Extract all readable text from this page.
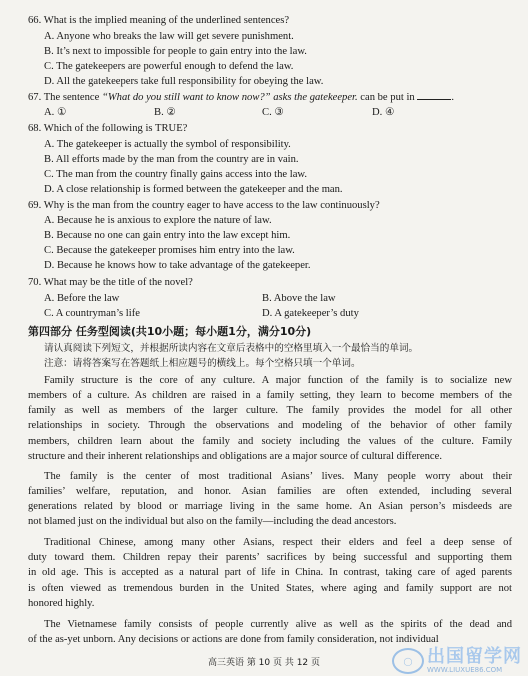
66. What is the implied meaning of the underlined sentences?
A. Anyone who breaks the law will get severe punishment.
B. It’s next to impossible for people to gain entry into the law.
C. The gatekeepers are powerful enough to defend the law.
D. All the gatekeepers take full responsibility for obeying the law.
67. The sentence “What do you still want to know now?” asks the gatekeeper. can be put in	.
A. ①	B. ②	C. ③	D. ④
68. Which of the following is TRUE?
A. The gatekeeper is actually the symbol of responsibility.
B. All efforts made by the man from the country are in vain.
C. The man from the country finally gains access into the law.
D. A close relationship is formed between the gatekeeper and the man.
69. Why is the man from the country eager to have access to the law continuously?
A. Because he is anxious to explore the nature of law.
B. Because no one can gain entry into the law except him.
C. Because the gatekeeper promises him entry into the law.
D. Because he knows how to take advantage of the gatekeeper.
70. What may be the title of the novel?
A. Before the law	B. Above the law
C. A countryman’s life	D. A gatekeeper’s duty
第四部分 任务型阅读(共10小题；每小题1分，满分10分)
请认真阅读下列短文，并根据所读内容在文章后表格中的空格里填入一个最恰当的单词。
注意：请将答案写在答题纸上相应题号的横线上。每个空格只填一个单词。
Family structure is the core of any culture. A major function of the family is to socialize new
members of a culture. As children are raised in a family setting, they learn to become members of the
family as well as members of the larger culture. The family provides the model for all other
relationships in society. Through the observations and modeling of the behavior of other family
members, children learn about the family and society including the values of the culture. Family
structure and their inherent relationships and obligations are a major source of cultural difference.
The family is the center of most traditional Asians’ lives. Many people worry about their
families’ welfare, reputation, and honor. Asian families are often extended, including several
generations related by blood or marriage living in the same home. An Asian person’s misdeeds are
not blamed just on the individual but also on the family—including the dead ancestors.
Traditional Chinese, among many other Asians, respect their elders and feel a deep sense of
duty toward them. Children repay their parents’ sacrifices by being successful and supporting them
in old age. This is accepted as a natural part of life in China. In contrast, taking care of aged parents
is often viewed as tremendous burden in the United States, where aging and family support are not
honored highly.
The Vietnamese family consists of people currently alive as well as the spirits of the dead and
of the as-yet unborn. Any decisions or actions are done from family consideration, not individual
高三英语 第 10 页 共 12 页	◯ 出国留学网
WWW.LIUXUE86.COM
